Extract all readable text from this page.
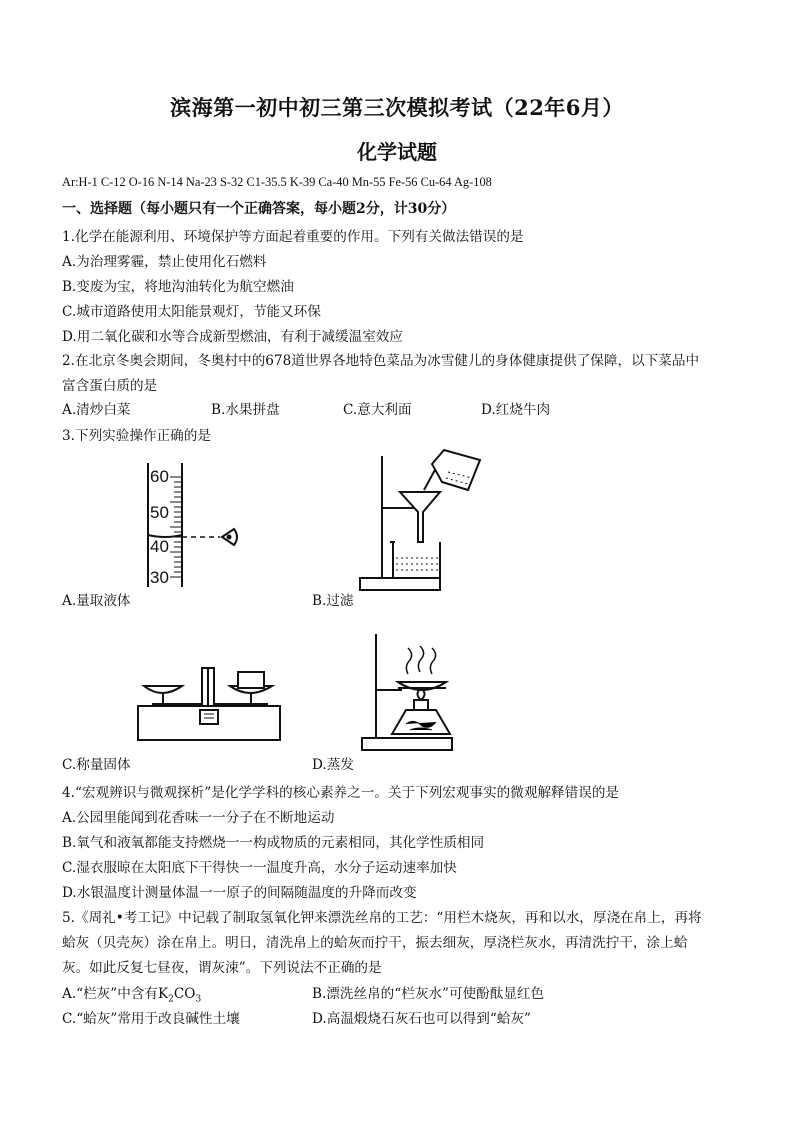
滨海第一初中初三第三次模拟考试（22年6月）
化学试题
Ar:H-1 C-12 O-16 N-14 Na-23 S-32 C1-35.5 K-39 Ca-40 Mn-55 Fe-56 Cu-64 Ag-108
一、选择题（每小题只有一个正确答案，每小题2分，计30分）
1.化学在能源利用、环境保护等方面起着重要的作用。下列有关做法错误的是
A.为治理雾霾，禁止使用化石燃料
B.变废为宝，将地沟油转化为航空燃油
C.城市道路使用太阳能景观灯，节能又环保
D.用二氧化碳和水等合成新型燃油，有利于减缓温室效应
2.在北京冬奥会期间，冬奥村中的678道世界各地特色菜品为冰雪健儿的身体健康提供了保障，以下菜品中
富含蛋白质的是
A.清炒白菜	B.水果拼盘	C.意大利面	D.红烧牛肉
3.下列实验操作正确的是
60
50
40
30
A.量取液体	B.过滤
C.称量固体	D.蒸发
4.“宏观辨识与微观探析”是化学学科的核心素养之一。关于下列宏观事实的微观解释错误的是
A.公园里能闻到花香味一一分子在不断地运动
B.氧气和液氧都能支持燃烧一一构成物质的元素相同，其化学性质相同
C.湿衣服晾在太阳底下干得快一一温度升高，水分子运动速率加快
D.水银温度计测量体温一一原子的间隔随温度的升降而改变
5.《周礼•考工记》中记载了制取氢氧化钾来漂洗丝帛的工艺：“用栏木烧灰，再和以水，厚浇在帛上，再将
蛤灰（贝壳灰）涂在帛上。明日，清洗帛上的蛤灰而拧干，振去细灰，厚浇栏灰水，再清洗拧干，涂上蛤
灰。如此反复七昼夜，谓灰涑”。下列说法不正确的是
A.“栏灰”中含有$K_2CO_3$	B.漂洗丝帛的“栏灰水”可使酚酞显红色
C.“蛤灰”常用于改良碱性土壤	D.高温煅烧石灰石也可以得到“蛤灰”
